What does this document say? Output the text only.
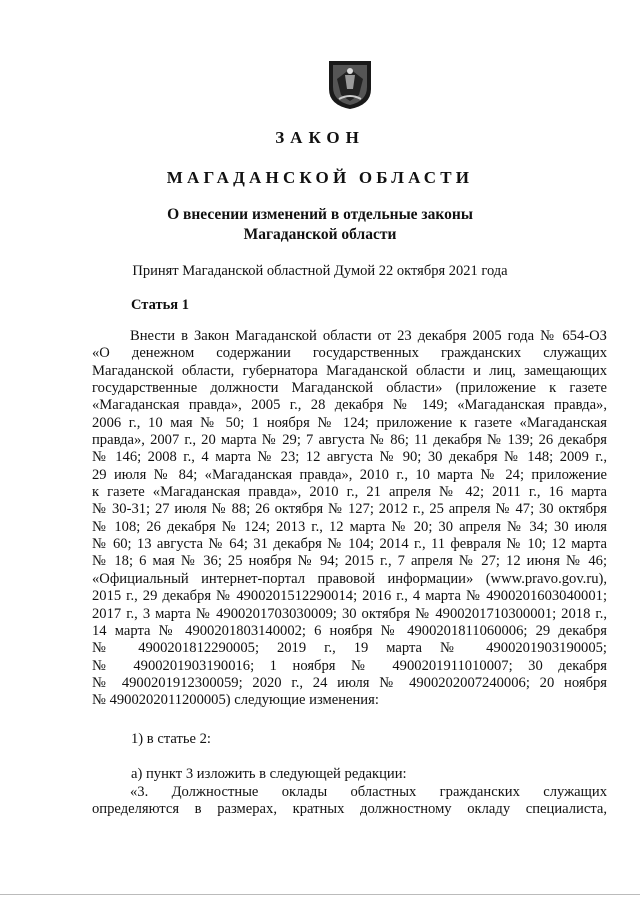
ЗАКОН
МАГАДАНСКОЙ ОБЛАСТИ
О внесении изменений в отдельные законы
Магаданской области
Принят Магаданской областной Думой 22 октября 2021 года
Статья 1
Внести в Закон Магаданской области от 23 декабря 2005 года № 654-ОЗ
«О денежном содержании государственных гражданских служащих
Магаданской области, губернатора Магаданской области и лиц, замещающих
государственные должности Магаданской области» (приложение к газете
«Магаданская правда», 2005 г., 28 декабря № 149; «Магаданская правда»,
2006 г., 10 мая № 50; 1 ноября № 124; приложение к газете «Магаданская
правда», 2007 г., 20 марта № 29; 7 августа № 86; 11 декабря № 139; 26 декабря
№ 146; 2008 г., 4 марта № 23; 12 августа № 90; 30 декабря № 148; 2009 г.,
29 июля № 84; «Магаданская правда», 2010 г., 10 марта № 24; приложение
к газете «Магаданская правда», 2010 г., 21 апреля № 42; 2011 г., 16 марта
№ 30-31; 27 июля № 88; 26 октября № 127; 2012 г., 25 апреля № 47; 30 октября
№ 108; 26 декабря № 124; 2013 г., 12 марта № 20; 30 апреля № 34; 30 июля
№ 60; 13 августа № 64; 31 декабря № 104; 2014 г., 11 февраля № 10; 12 марта
№ 18; 6 мая № 36; 25 ноября № 94; 2015 г., 7 апреля № 27; 12 июня № 46;
«Официальный интернет-портал правовой информации» (www.pravo.gov.ru),
2015 г., 29 декабря № 4900201512290014; 2016 г., 4 марта № 4900201603040001;
2017 г., 3 марта № 4900201703030009; 30 октября № 4900201710300001; 2018 г.,
14 марта № 4900201803140002; 6 ноября № 4900201811060006; 29 декабря
№ 4900201812290005; 2019 г., 19 марта № 4900201903190005;
№ 4900201903190016; 1 ноября № 4900201911010007; 30 декабря
№ 4900201912300059; 2020 г., 24 июля № 4900202007240006; 20 ноября
№ 4900202011200005) следующие изменения:
1) в статье 2:
а) пункт 3 изложить в следующей редакции:
«3. Должностные оклады областных гражданских служащих
определяются в размерах, кратных должностному окладу специалиста,
